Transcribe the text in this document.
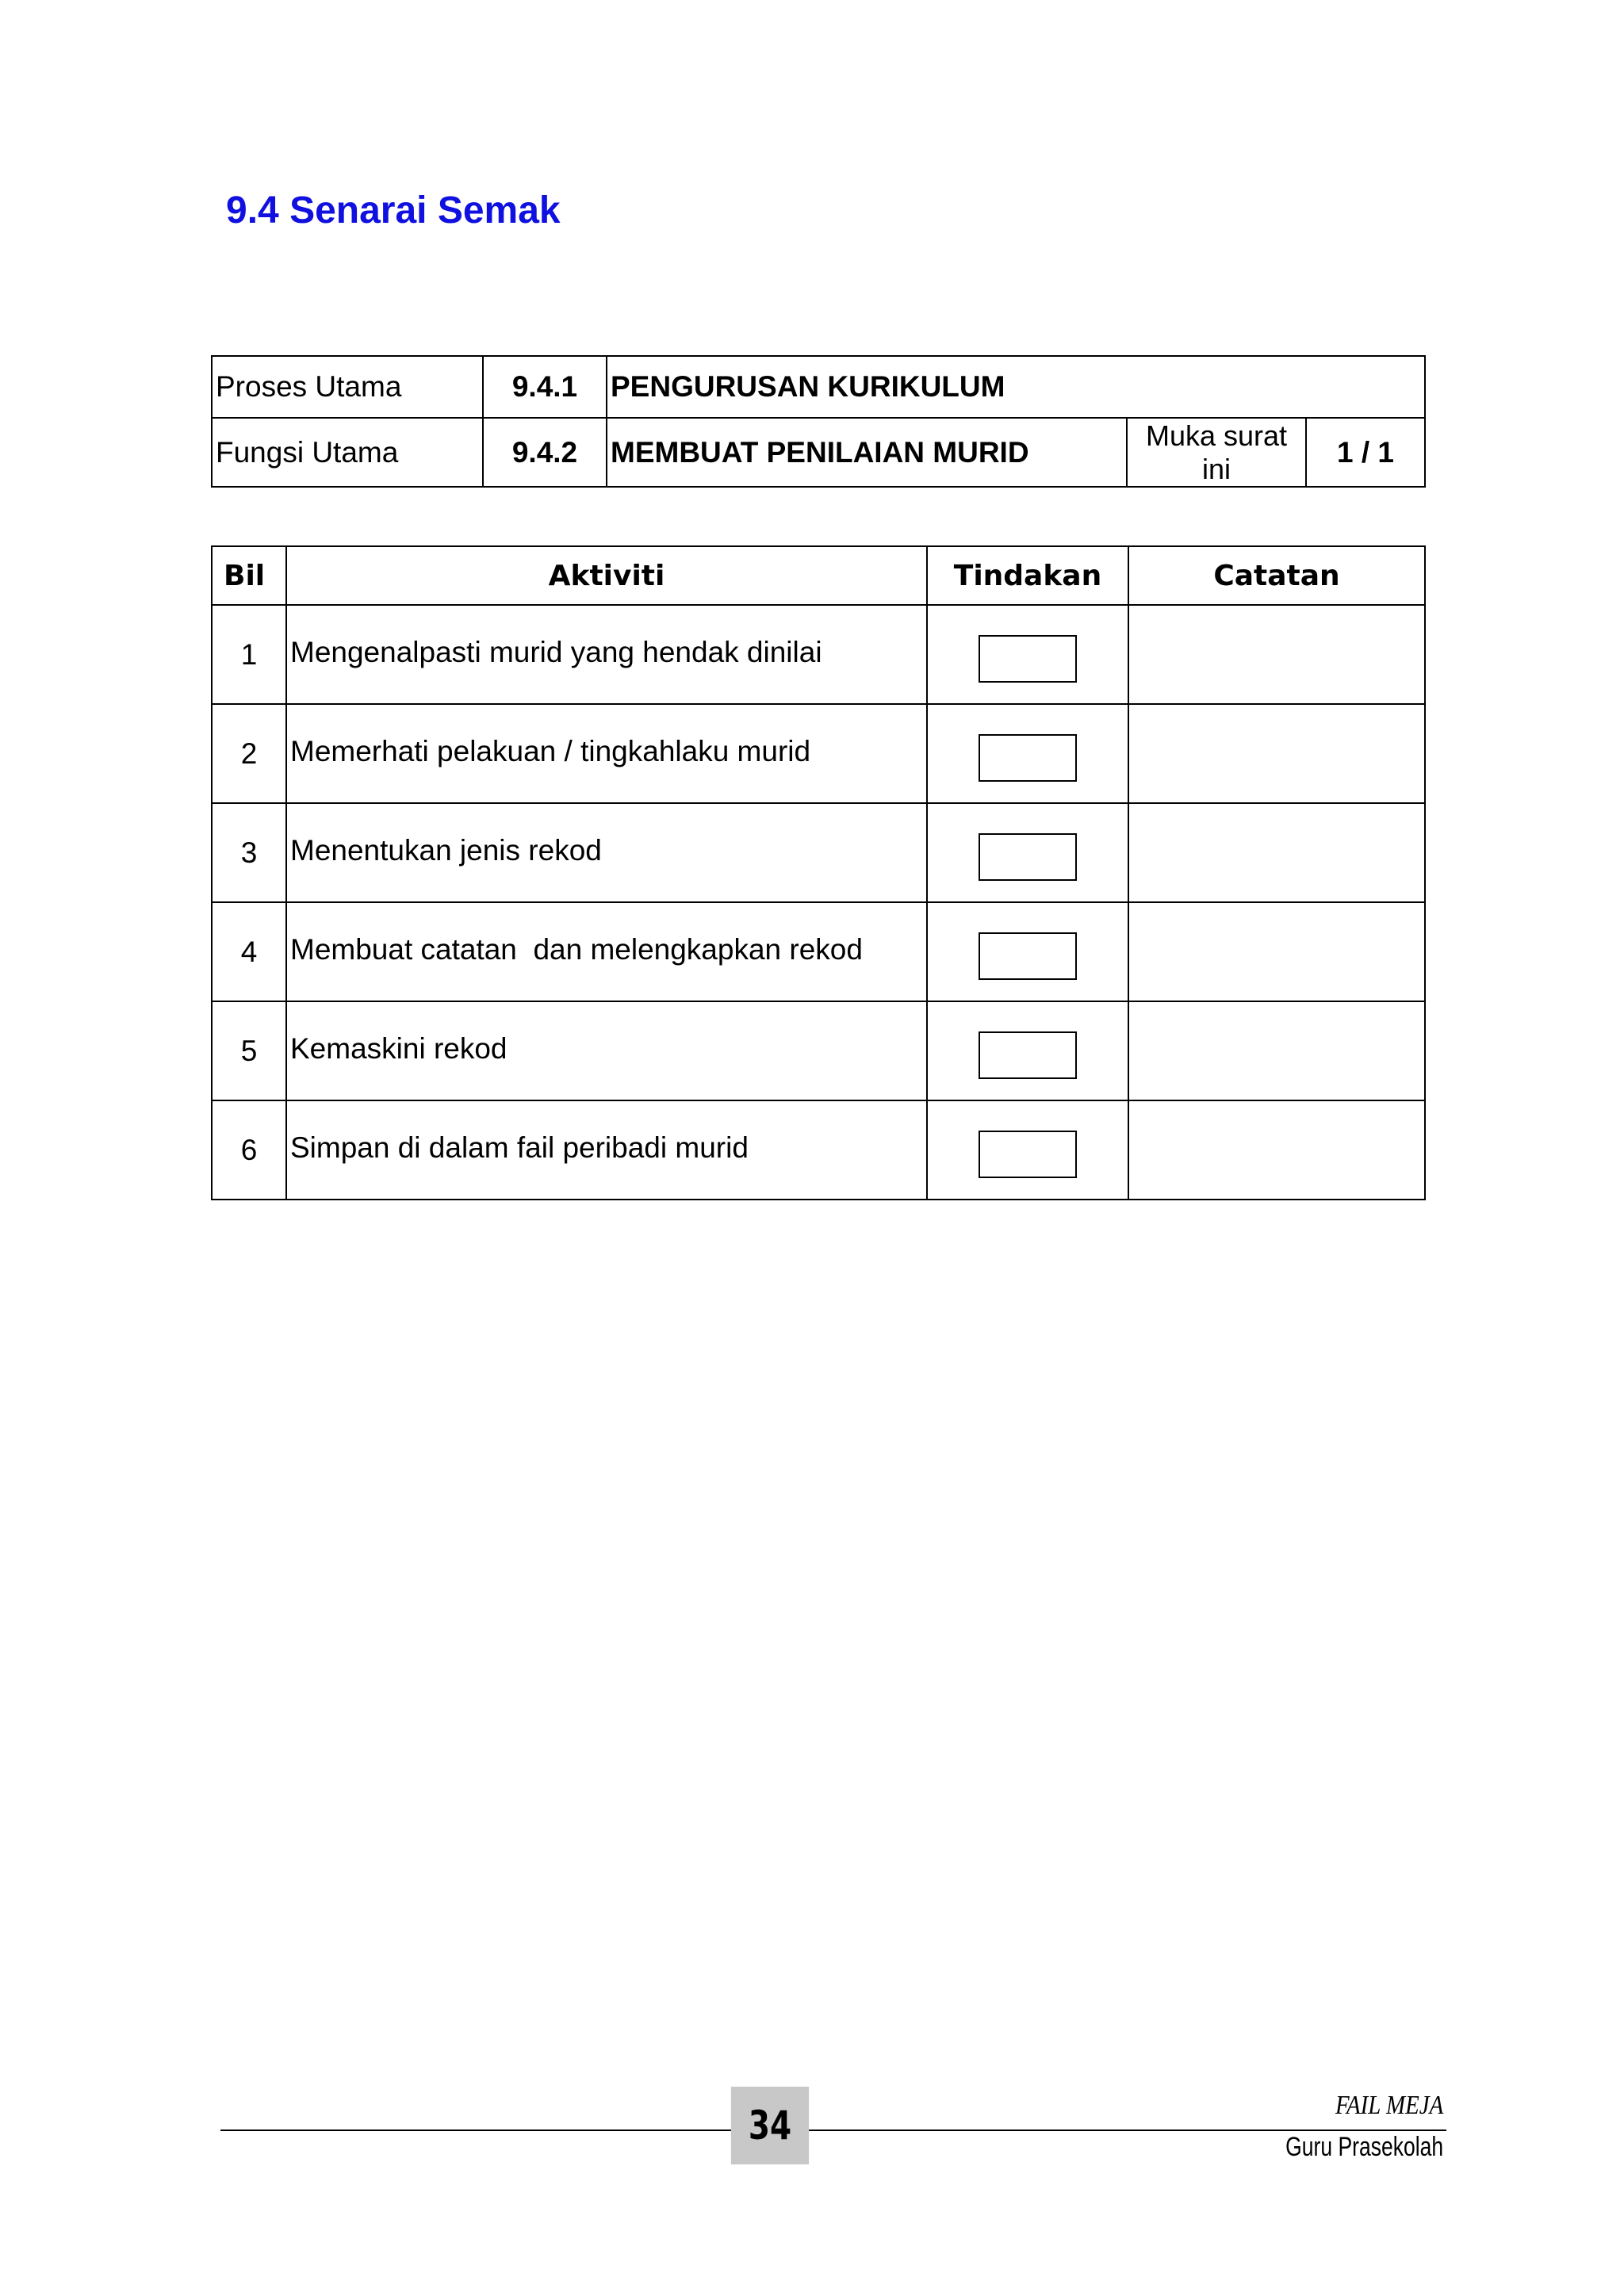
9.4 Senarai Semak
Proses Utama	9.4.1	PENGURUSAN KURIKULUM		
Fungsi Utama	9.4.2	MEMBUAT PENILAIAN MURID	Muka surat ini	1 / 1
Bil	Aktiviti	Tindakan	Catatan
1	Mengenalpasti murid yang hendak dinilai		
2	Memerhati pelakuan / tingkahlaku murid		
3	Menentukan jenis rekod		
4	Membuat catatan  dan melengkapkan rekod		
5	Kemaskini rekod		
6	Simpan di dalam fail peribadi murid		
34	FAIL MEJA
Guru Prasekolah
